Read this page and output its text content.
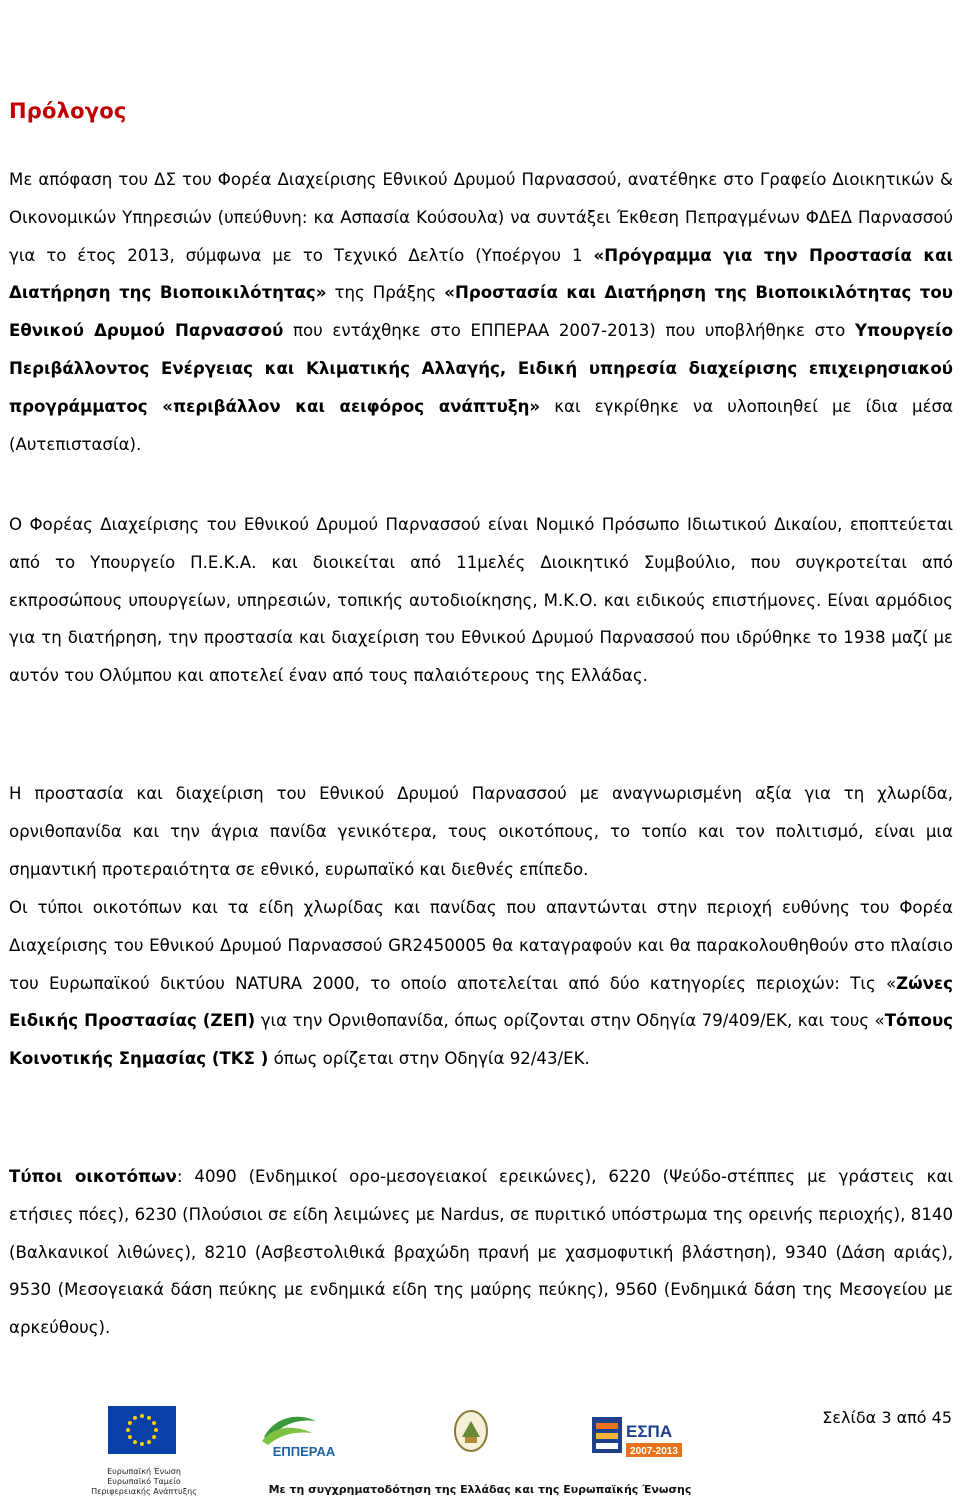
Πρόλογος

Με απόφαση του ΔΣ του Φορέα Διαχείρισης Εθνικού Δρυμού Παρνασσού, ανατέθηκε στο Γραφείο Διοικητικών & Οικονομικών Υπηρεσιών (υπεύθυνη: κα Ασπασία Κούσουλα) να συντάξει Έκθεση Πεπραγμένων ΦΔΕΔ Παρνασσού για το έτος 2013, σύμφωνα με το Τεχνικό Δελτίο (Υποέργου 1 «Πρόγραμμα για την Προστασία και Διατήρηση της Βιοποικιλότητας» της Πράξης «Προστασία και Διατήρηση της Βιοποικιλότητας του Εθνικού Δρυμού Παρνασσού που εντάχθηκε στο ΕΠΠΕΡΑΑ 2007-2013) που υποβλήθηκε στο Υπουργείο Περιβάλλοντος Ενέργειας και Κλιματικής Αλλαγής, Ειδική υπηρεσία διαχείρισης επιχειρησιακού προγράμματος «περιβάλλον και αειφόρος ανάπτυξη» και εγκρίθηκε να υλοποιηθεί με ίδια μέσα (Αυτεπιστασία).

Ο Φορέας Διαχείρισης του Εθνικού Δρυμού Παρνασσού είναι Νομικό Πρόσωπο Ιδιωτικού Δικαίου, εποπτεύεται από το Υπουργείο Π.Ε.Κ.Α. και διοικείται από 11μελές Διοικητικό Συμβούλιο, που συγκροτείται από εκπροσώπους υπουργείων, υπηρεσιών, τοπικής αυτοδιοίκησης, Μ.Κ.Ο. και ειδικούς επιστήμονες. Είναι αρμόδιος για τη διατήρηση, την προστασία και διαχείριση του Εθνικού Δρυμού Παρνασσού που ιδρύθηκε το 1938 μαζί με αυτόν του Ολύμπου και αποτελεί έναν από τους παλαιότερους της Ελλάδας.

Η προστασία και διαχείριση του Εθνικού Δρυμού Παρνασσού με αναγνωρισμένη αξία για τη χλωρίδα, ορνιθοπανίδα και την άγρια πανίδα γενικότερα, τους οικοτόπους, το τοπίο και τον πολιτισμό, είναι μια σημαντική προτεραιότητα σε εθνικό, ευρωπαϊκό και διεθνές επίπεδο.

Οι τύποι οικοτόπων και τα είδη χλωρίδας και πανίδας που απαντώνται στην περιοχή ευθύνης του Φορέα Διαχείρισης του Εθνικού Δρυμού Παρνασσού GR2450005 θα καταγραφούν και θα παρακολουθηθούν στο πλαίσιο του Ευρωπαϊκού δικτύου NATURA 2000, το οποίο αποτελείται από δύο κατηγορίες περιοχών: Τις «Ζώνες Ειδικής Προστασίας (ΖΕΠ) για την Ορνιθοπανίδα, όπως ορίζονται στην Οδηγία 79/409/ΕΚ, και τους «Τόπους Κοινοτικής Σημασίας (ΤΚΣ ) όπως ορίζεται στην Οδηγία 92/43/ΕΚ.

Τύποι οικοτόπων: 4090 (Ενδημικοί ορο-μεσογειακοί ερεικώνες), 6220 (Ψεύδο-στέππες με γράστεις και ετήσιες πόες), 6230 (Πλούσιοι σε είδη λειμώνες με Nardus, σε πυριτικό υπόστρωμα της ορεινής περιοχής), 8140 (Βαλκανικοί λιθώνες), 8210 (Ασβεστολιθικά βραχώδη πρανή με χασμοφυτική βλάστηση), 9340 (Δάση αριάς), 9530 (Μεσογειακά δάση πεύκης με ενδημικά είδη της μαύρης πεύκης), 9560 (Ενδημικά δάση της Μεσογείου με αρκεύθους).

Ευρωπαϊκή Ένωση
Ευρωπαϊκό Ταμείο
Περιφερειακής Ανάπτυξης
ΕΠΠΕΡΑΑ
ΕΣΠΑ
2007-2013
Σελίδα 3 από 45
Με τη συγχρηματοδότηση της Ελλάδας και της Ευρωπαϊκής Ένωσης
